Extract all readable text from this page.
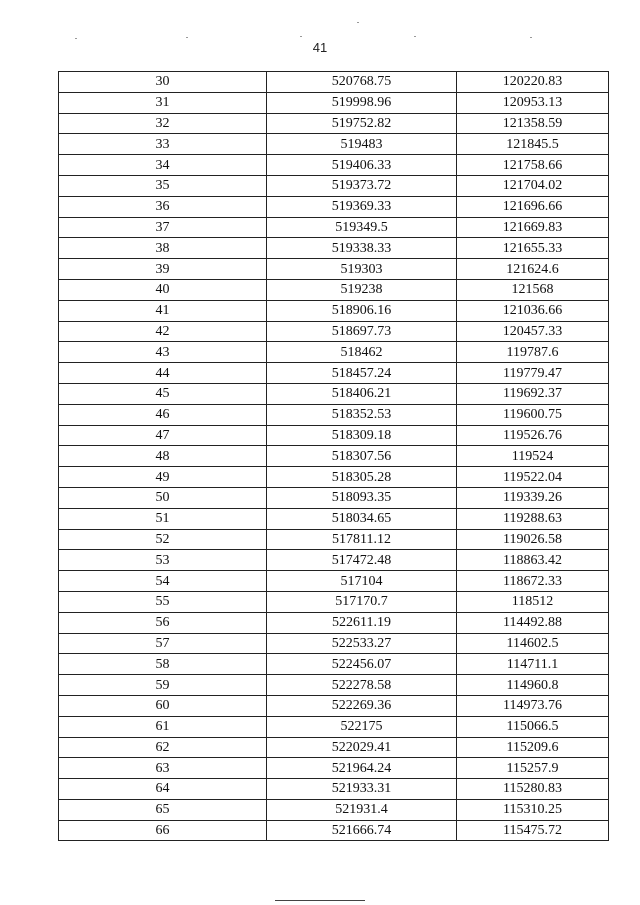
41
30	520768.75	120220.83
31	519998.96	120953.13
32	519752.82	121358.59
33	519483	121845.5
34	519406.33	121758.66
35	519373.72	121704.02
36	519369.33	121696.66
37	519349.5	121669.83
38	519338.33	121655.33
39	519303	121624.6
40	519238	121568
41	518906.16	121036.66
42	518697.73	120457.33
43	518462	119787.6
44	518457.24	119779.47
45	518406.21	119692.37
46	518352.53	119600.75
47	518309.18	119526.76
48	518307.56	119524
49	518305.28	119522.04
50	518093.35	119339.26
51	518034.65	119288.63
52	517811.12	119026.58
53	517472.48	118863.42
54	517104	118672.33
55	517170.7	118512
56	522611.19	114492.88
57	522533.27	114602.5
58	522456.07	114711.1
59	522278.58	114960.8
60	522269.36	114973.76
61	522175	115066.5
62	522029.41	115209.6
63	521964.24	115257.9
64	521933.31	115280.83
65	521931.4	115310.25
66	521666.74	115475.72
